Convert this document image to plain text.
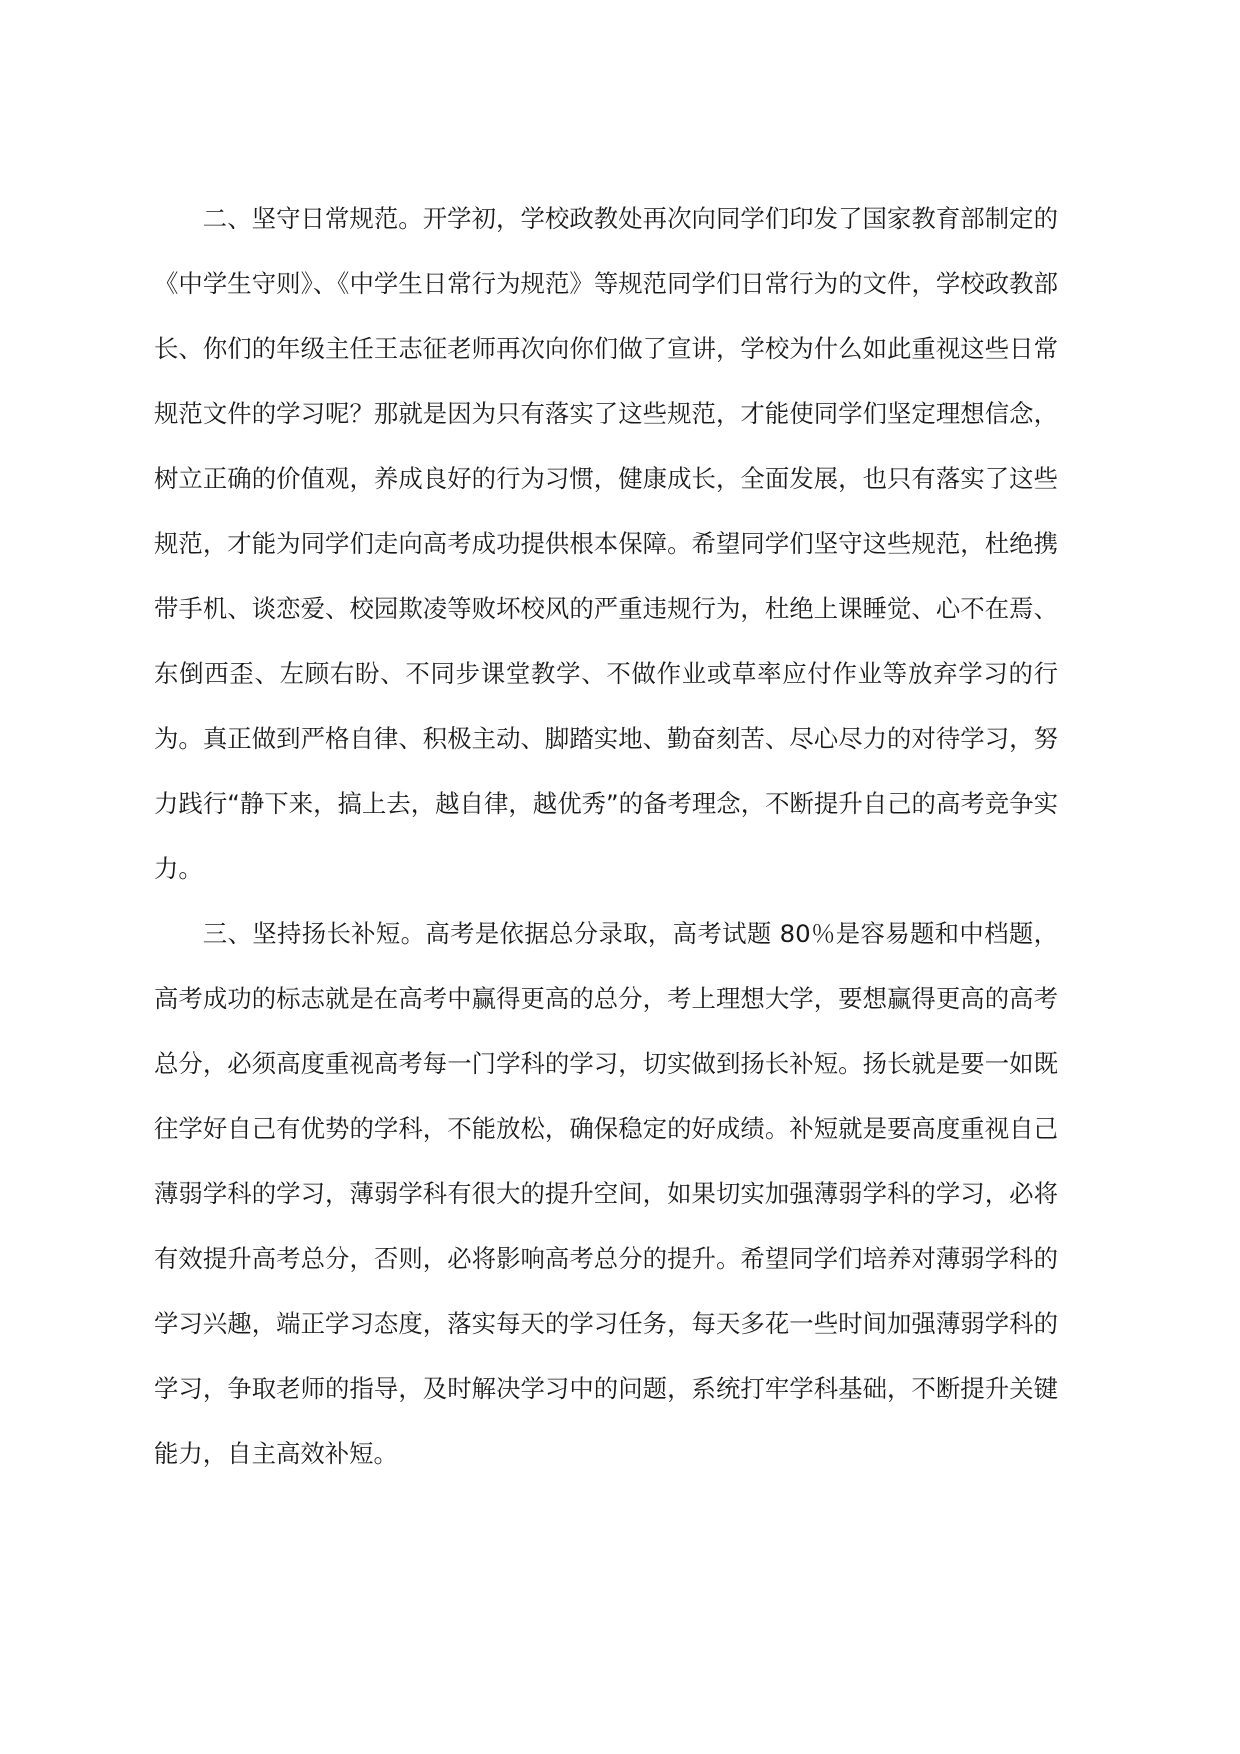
二、坚守日常规范。开学初，学校政教处再次向同学们印发了国家教育部制定的《中学生守则》、《中学生日常行为规范》等规范同学们日常行为的文件，学校政教部长、你们的年级主任王志征老师再次向你们做了宣讲，学校为什么如此重视这些日常规范文件的学习呢？那就是因为只有落实了这些规范，才能使同学们坚定理想信念，树立正确的价值观，养成良好的行为习惯，健康成长，全面发展，也只有落实了这些规范，才能为同学们走向高考成功提供根本保障。希望同学们坚守这些规范，杜绝携带手机、谈恋爱、校园欺凌等败坏校风的严重违规行为，杜绝上课睡觉、心不在焉、东倒西歪、左顾右盼、不同步课堂教学、不做作业或草率应付作业等放弃学习的行为。真正做到严格自律、积极主动、脚踏实地、勤奋刻苦、尽心尽力的对待学习，努力践行“静下来，搞上去，越自律，越优秀”的备考理念，不断提升自己的高考竞争实力。

三、坚持扬长补短。高考是依据总分录取，高考试题 80％是容易题和中档题，高考成功的标志就是在高考中赢得更高的总分，考上理想大学，要想赢得更高的高考总分，必须高度重视高考每一门学科的学习，切实做到扬长补短。扬长就是要一如既往学好自己有优势的学科，不能放松，确保稳定的好成绩。补短就是要高度重视自己薄弱学科的学习，薄弱学科有很大的提升空间，如果切实加强薄弱学科的学习，必将有效提升高考总分，否则，必将影响高考总分的提升。希望同学们培养对薄弱学科的学习兴趣，端正学习态度，落实每天的学习任务，每天多花一些时间加强薄弱学科的学习，争取老师的指导，及时解决学习中的问题，系统打牢学科基础，不断提升关键能力，自主高效补短。
